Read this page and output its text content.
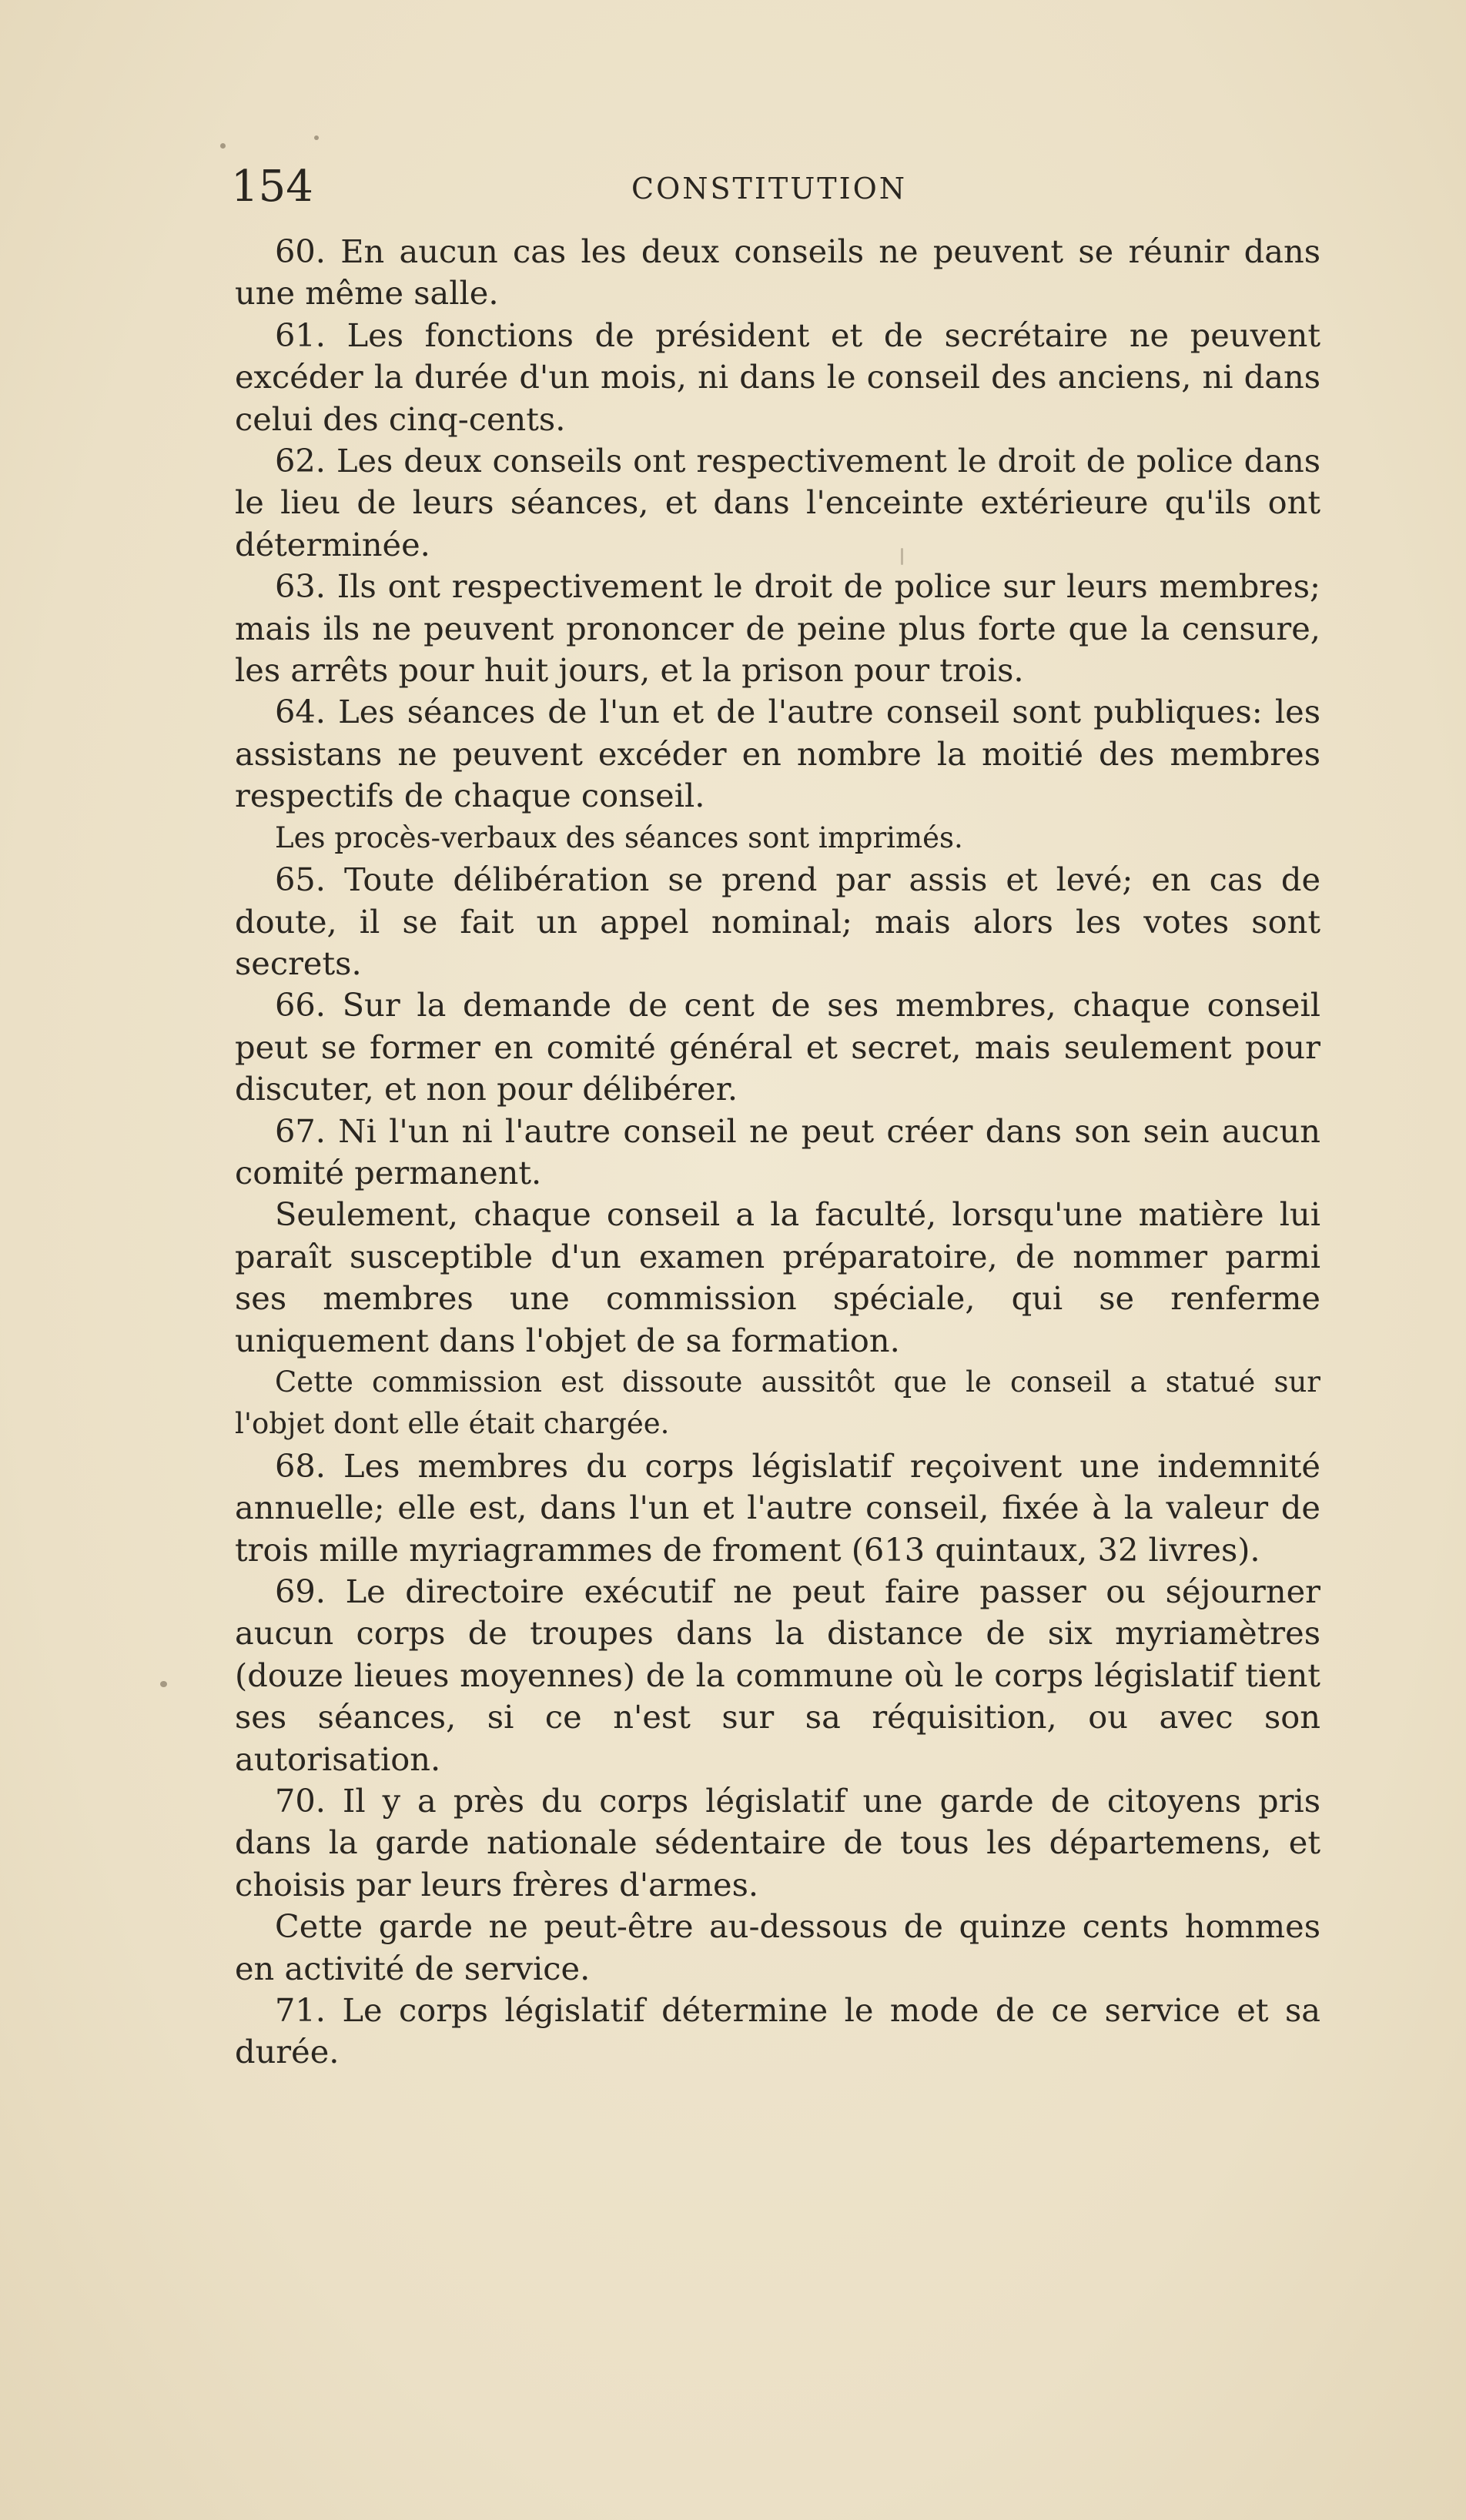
154	CONSTITUTION

60. En aucun cas les deux conseils ne peuvent se réunir dans une même salle.

61. Les fonctions de président et de secrétaire ne peuvent excéder la durée d'un mois, ni dans le conseil des anciens, ni dans celui des cinq-cents.

62. Les deux conseils ont respectivement le droit de police dans le lieu de leurs séances, et dans l'enceinte extérieure qu'ils ont déterminée.

63. Ils ont respectivement le droit de police sur leurs membres; mais ils ne peuvent prononcer de peine plus forte que la censure, les arrêts pour huit jours, et la prison pour trois.

64. Les séances de l'un et de l'autre conseil sont publiques: les assistans ne peuvent excéder en nombre la moitié des membres respectifs de chaque conseil.

Les procès-verbaux des séances sont imprimés.

65. Toute délibération se prend par assis et levé; en cas de doute, il se fait un appel nominal; mais alors les votes sont secrets.

66. Sur la demande de cent de ses membres, chaque conseil peut se former en comité général et secret, mais seulement pour discuter, et non pour délibérer.

67. Ni l'un ni l'autre conseil ne peut créer dans son sein aucun comité permanent.

Seulement, chaque conseil a la faculté, lorsqu'une matière lui paraît susceptible d'un examen préparatoire, de nommer parmi ses membres une commission spéciale, qui se renferme uniquement dans l'objet de sa formation.

Cette commission est dissoute aussitôt que le conseil a statué sur l'objet dont elle était chargée.

68. Les membres du corps législatif reçoivent une indemnité annuelle; elle est, dans l'un et l'autre conseil, fixée à la valeur de trois mille myriagrammes de froment (613 quintaux, 32 livres).

69. Le directoire exécutif ne peut faire passer ou séjourner aucun corps de troupes dans la distance de six myriamètres (douze lieues moyennes) de la commune où le corps législatif tient ses séances, si ce n'est sur sa réquisition, ou avec son autorisation.

70. Il y a près du corps législatif une garde de citoyens pris dans la garde nationale sédentaire de tous les départemens, et choisis par leurs frères d'armes.

Cette garde ne peut-être au-dessous de quinze cents hommes en activité de service.

71. Le corps législatif détermine le mode de ce service et sa durée.
